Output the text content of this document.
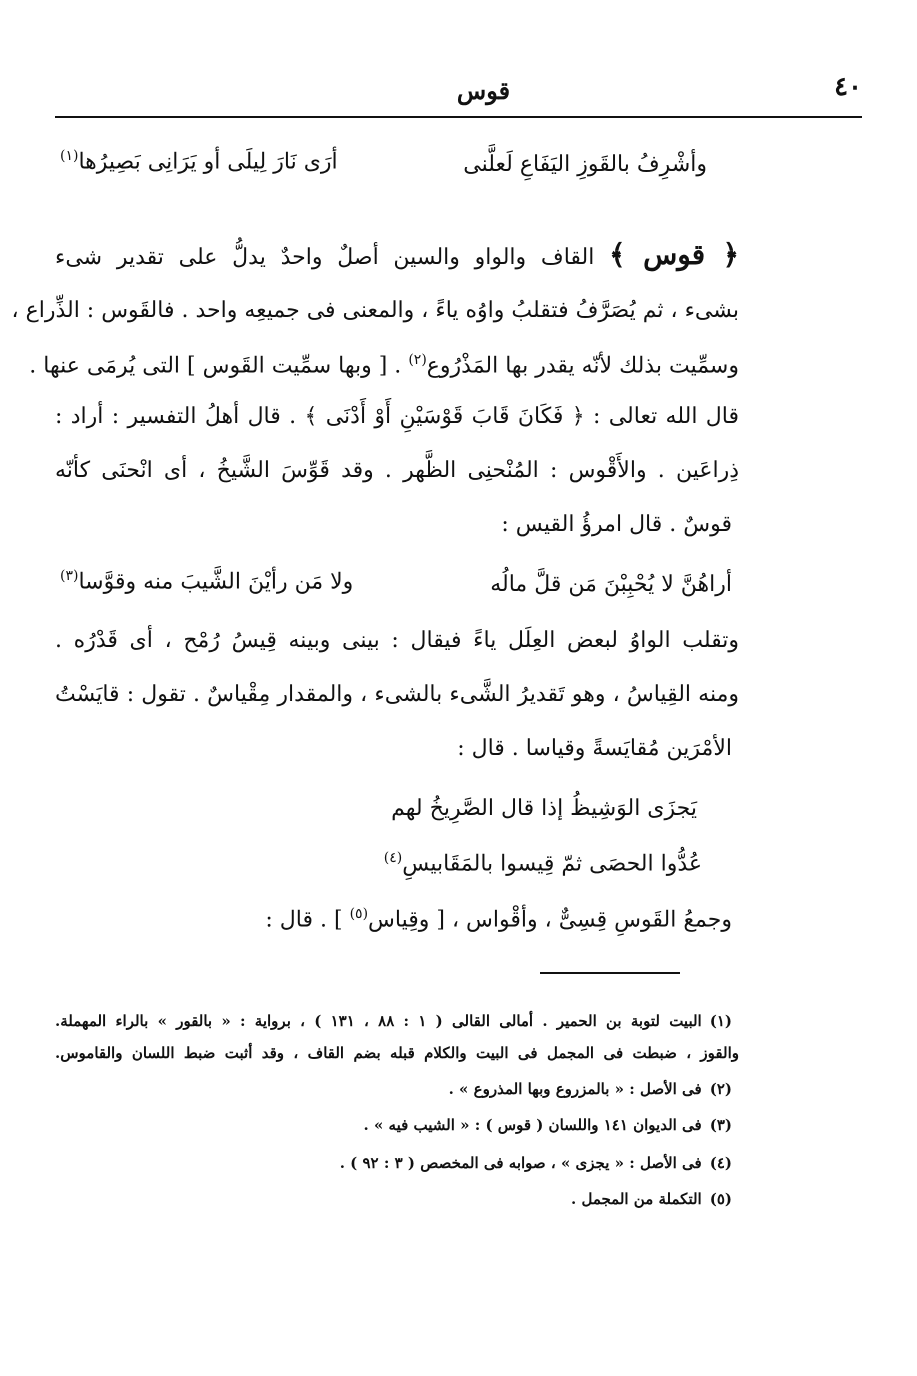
٤٠
قوس
وأشْرِفُ بالقَوزِ اليَفَاعِ لَعلَّنى
أرَى نَارَ لِيلَى أو يَرَانِى بَصِيرُها$^{(١)}$
﴿ قوس ﴾ القاف والواو والسين أصلٌ واحدٌ يدلُّ على تقدير شىء
بشىء ، ثم يُصَرَّفُ فتقلبُ واوُه ياءً ، والمعنى فى جميعِه واحد . فالقَوس : الذِّراع ،
وسمِّيت بذلك لأنّه يقدر بها المَذْرُوع$^{(٢)}$ . [ وبها سمِّيت القَوس ] التى يُرمَى عنها .
قال الله تعالى : ﴿ فَكَانَ قَابَ قَوْسَيْنِ أَوْ أَدْنَى ﴾ . قال أهلُ التفسير : أراد :
ذِراعَين . والأَقْوس : المُنْحنِى الظَّهر . وقد قَوِّسَ الشَّيخُ ، أى انْحنَى كأنّه
قوسٌ . قال امرؤُ القيس :
أراهُنَّ لا يُحْبِبْنَ مَن قلَّ مالُه
ولا مَن رأيْنَ الشَّيبَ منه وقوَّسا$^{(٣)}$
وتقلب الواوُ لبعض العِلَل ياءً فيقال : بينى وبينه قِيسُ رُمْح ، أى قَدْرُه .
ومنه القِياسُ ، وهو تَقديرُ الشَّىء بالشىء ، والمقدار مِقْياسٌ . تقول : قايَسْتُ
الأمْرَين مُقايَسةً وقياسا . قال :
يَجزَى الوَشِيظُ إذا قال الصَّرِيخُ لهم
عُدُّوا الحصَى ثمّ قِيسوا بالمَقَابيسِ$^{(٤)}$
وجمعُ القَوسِ قِسِىٌّ ، وأقْواس ، [ وقِياس$^{(٥)}$ ] . قال :
(١)البيت لتوبة بن الحمير . أمالى القالى ( ١ : ٨٨ ، ١٣١ ) ، برواية : « بالقور » بالراء المهملة.
والقوز ، ضبطت فى المجمل فى البيت والكلام قبله بضم القاف ، وقد أثبت ضبط اللسان والقاموس.
(٢)فى الأصل : « بالمزروع وبها المذروع » .
(٣)فى الديوان ١٤١ واللسان ( قوس ) : « الشيب فيه » .
(٤)فى الأصل : « يجزى » ، صوابه فى المخصص ( ٣ : ٩٢ ) .
(٥)التكملة من المجمل .
